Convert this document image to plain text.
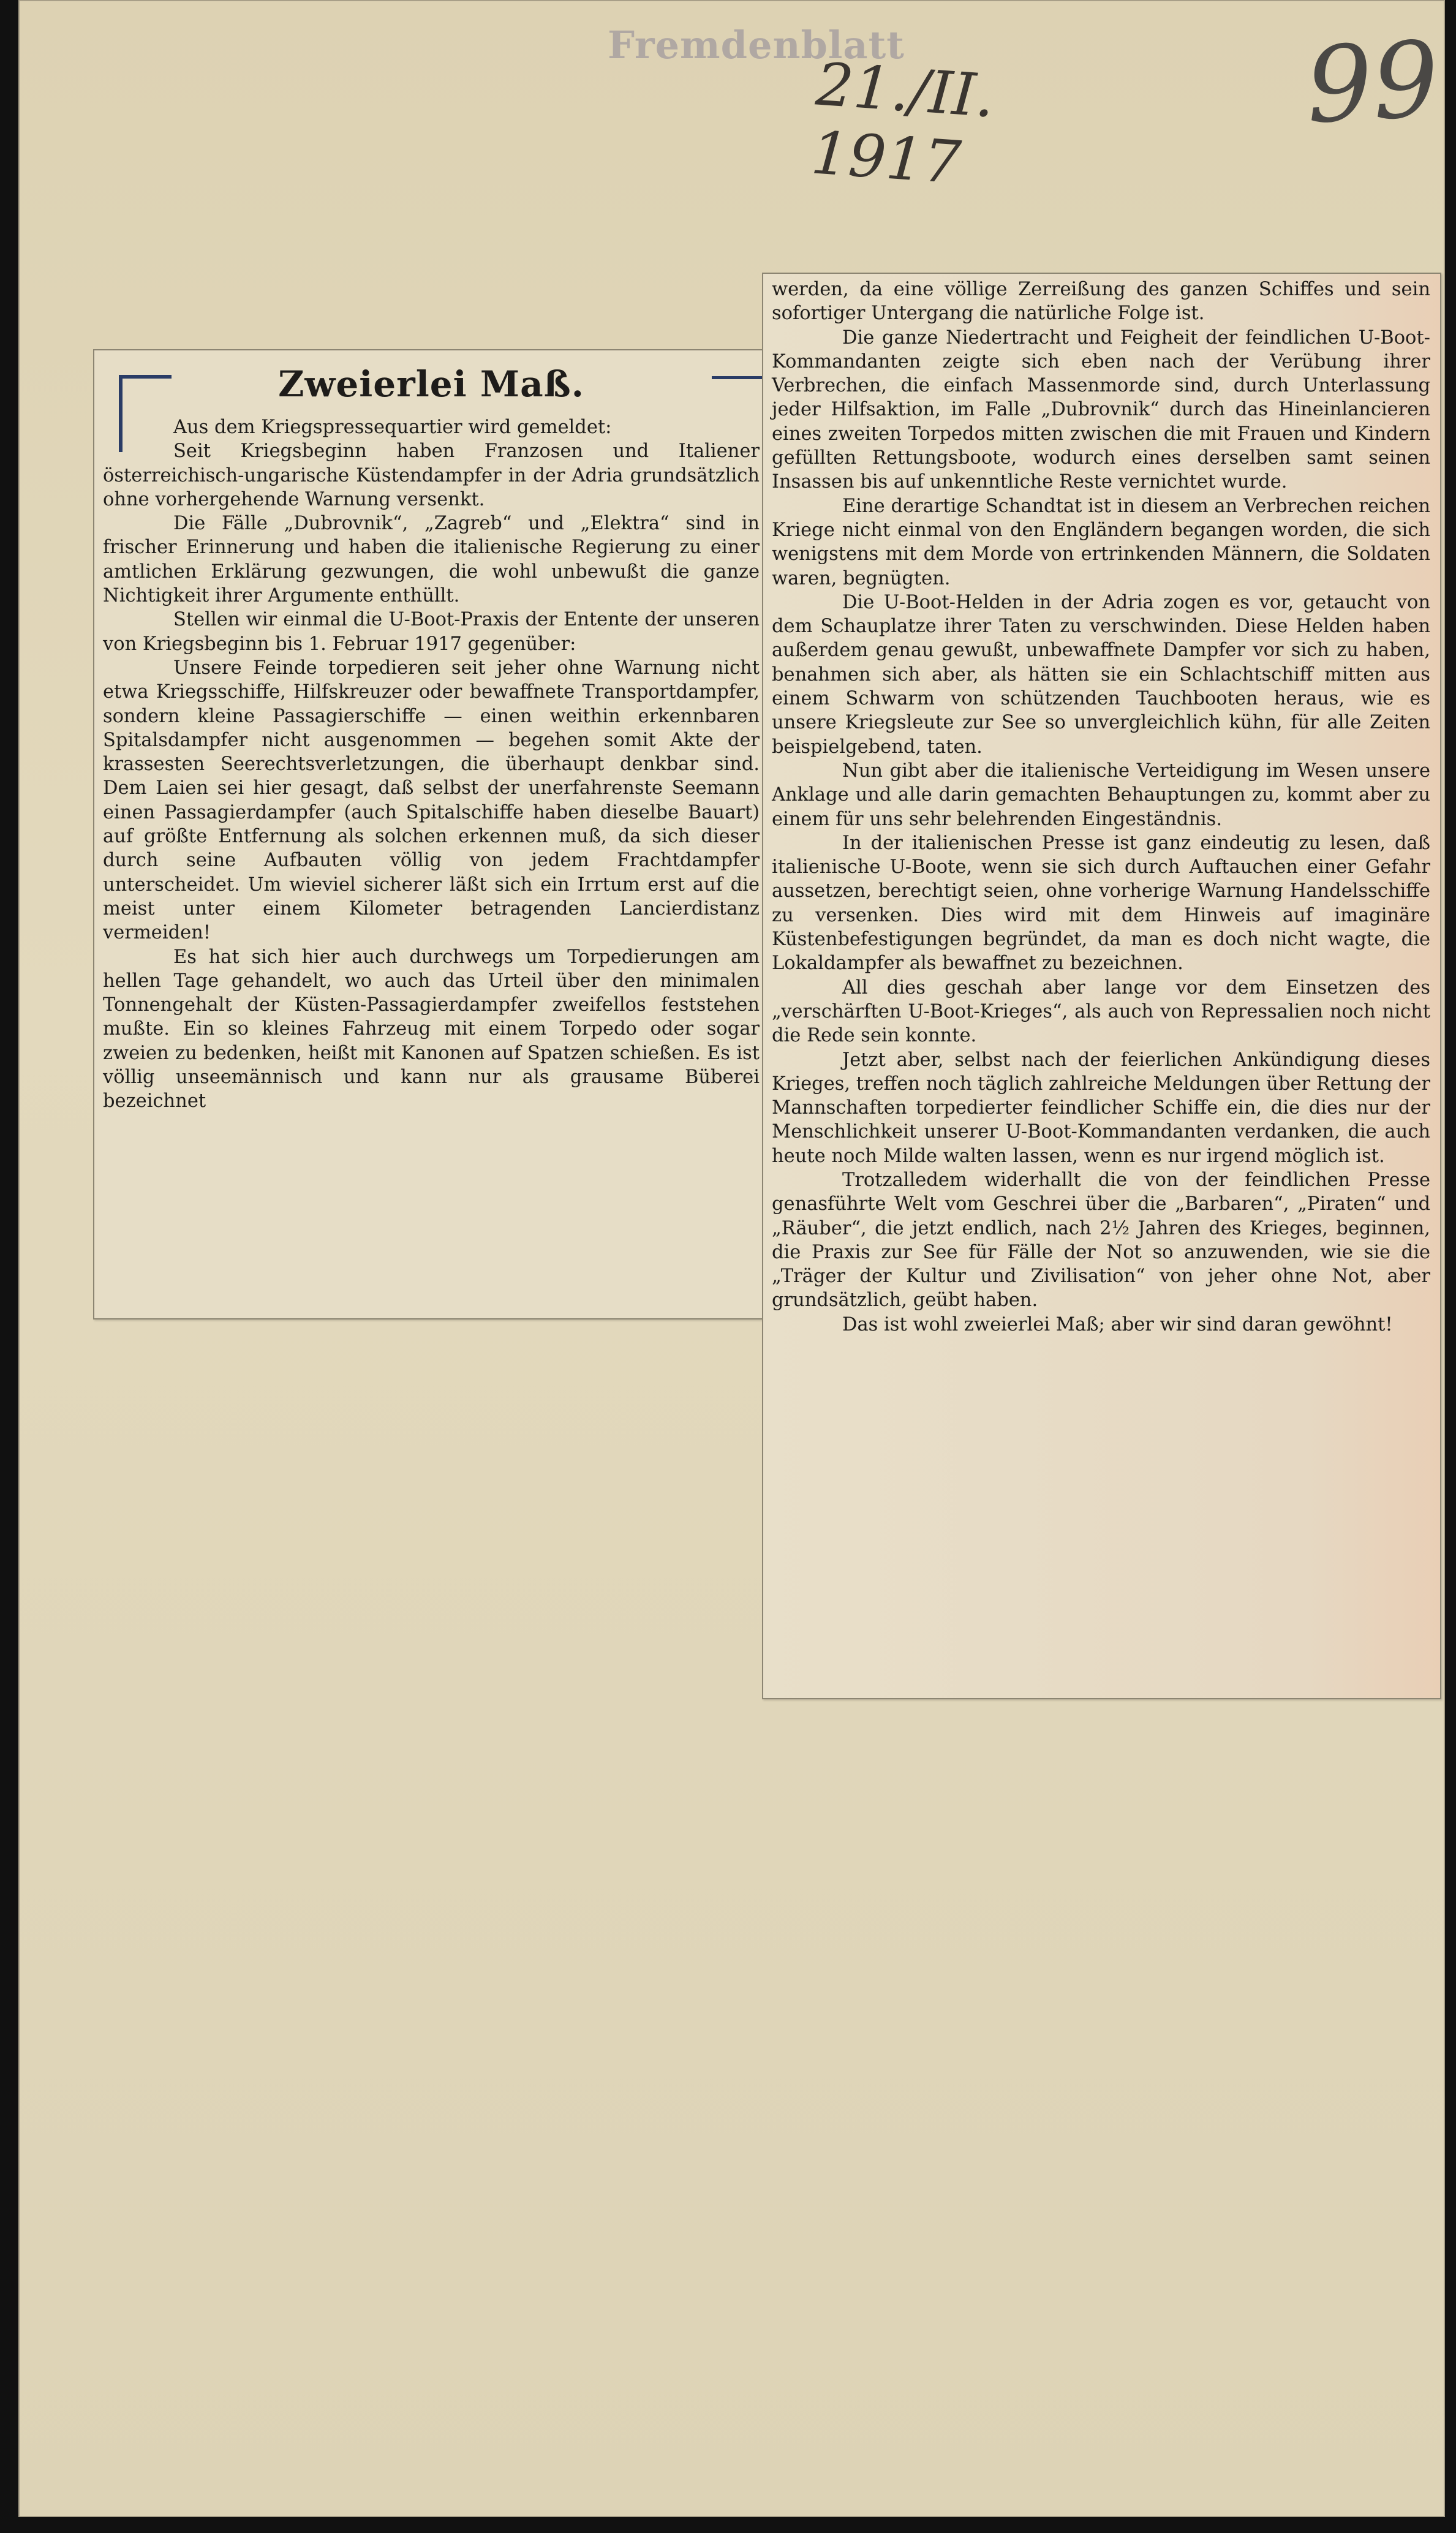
Fremdenblatt
21./II. 1917
99
Zweierlei Maß.

Aus dem Kriegspressequartier wird gemeldet:

Seit Kriegsbeginn haben Franzosen und Italiener österreichisch-ungarische Küstendampfer in der Adria grundsätzlich ohne vorhergehende Warnung versenkt.

Die Fälle „Dubrovnik“, „Zagreb“ und „Elektra“ sind in frischer Erinnerung und haben die italienische Regierung zu einer amtlichen Erklärung gezwungen, die wohl unbewußt die ganze Nichtigkeit ihrer Argumente enthüllt.

Stellen wir einmal die U-Boot-Praxis der Entente der unseren von Kriegsbeginn bis 1. Februar 1917 gegenüber:

Unsere Feinde torpedieren seit jeher ohne Warnung nicht etwa Kriegsschiffe, Hilfskreuzer oder bewaffnete Transportdampfer, sondern kleine Passagierschiffe — einen weithin erkennbaren Spitalsdampfer nicht ausgenommen — begehen somit Akte der krassesten Seerechtsverletzungen, die überhaupt denkbar sind. Dem Laien sei hier gesagt, daß selbst der unerfahrenste Seemann einen Passagierdampfer (auch Spitalschiffe haben dieselbe Bauart) auf größte Entfernung als solchen erkennen muß, da sich dieser durch seine Aufbauten völlig von jedem Frachtdampfer unterscheidet. Um wieviel sicherer läßt sich ein Irrtum erst auf die meist unter einem Kilometer betragenden Lancierdistanz vermeiden!

Es hat sich hier auch durchwegs um Torpedierungen am hellen Tage gehandelt, wo auch das Urteil über den minimalen Tonnengehalt der Küsten-Passagierdampfer zweifellos feststehen mußte. Ein so kleines Fahrzeug mit einem Torpedo oder sogar zweien zu bedenken, heißt mit Kanonen auf Spatzen schießen. Es ist völlig unseemännisch und kann nur als grausame Büberei bezeichnet

werden, da eine völlige Zerreißung des ganzen Schiffes und sein sofortiger Untergang die natürliche Folge ist.

Die ganze Niedertracht und Feigheit der feindlichen U-Boot-Kommandanten zeigte sich eben nach der Verübung ihrer Verbrechen, die einfach Massenmorde sind, durch Unterlassung jeder Hilfsaktion, im Falle „Dubrovnik“ durch das Hineinlancieren eines zweiten Torpedos mitten zwischen die mit Frauen und Kindern gefüllten Rettungsboote, wodurch eines derselben samt seinen Insassen bis auf unkenntliche Reste vernichtet wurde.

Eine derartige Schandtat ist in diesem an Verbrechen reichen Kriege nicht einmal von den Engländern begangen worden, die sich wenigstens mit dem Morde von ertrinkenden Männern, die Soldaten waren, begnügten.

Die U-Boot-Helden in der Adria zogen es vor, getaucht von dem Schauplatze ihrer Taten zu verschwinden. Diese Helden haben außerdem genau gewußt, unbewaffnete Dampfer vor sich zu haben, benahmen sich aber, als hätten sie ein Schlachtschiff mitten aus einem Schwarm von schützenden Tauchbooten heraus, wie es unsere Kriegsleute zur See so unvergleichlich kühn, für alle Zeiten beispielgebend, taten.

Nun gibt aber die italienische Verteidigung im Wesen unsere Anklage und alle darin gemachten Behauptungen zu, kommt aber zu einem für uns sehr belehrenden Eingeständnis.

In der italienischen Presse ist ganz eindeutig zu lesen, daß italienische U-Boote, wenn sie sich durch Auftauchen einer Gefahr aussetzen, berechtigt seien, ohne vorherige Warnung Handelsschiffe zu versenken. Dies wird mit dem Hinweis auf imaginäre Küstenbefestigungen begründet, da man es doch nicht wagte, die Lokaldampfer als bewaffnet zu bezeichnen.

All dies geschah aber lange vor dem Einsetzen des „verschärften U-Boot-Krieges“, als auch von Repressalien noch nicht die Rede sein konnte.

Jetzt aber, selbst nach der feierlichen Ankündigung dieses Krieges, treffen noch täglich zahlreiche Meldungen über Rettung der Mannschaften torpedierter feindlicher Schiffe ein, die dies nur der Menschlichkeit unserer U-Boot-Kommandanten verdanken, die auch heute noch Milde walten lassen, wenn es nur irgend möglich ist.

Trotzalledem widerhallt die von der feindlichen Presse genasführte Welt vom Geschrei über die „Barbaren“, „Piraten“ und „Räuber“, die jetzt endlich, nach 2½ Jahren des Krieges, beginnen, die Praxis zur See für Fälle der Not so anzuwenden, wie sie die „Träger der Kultur und Zivilisation“ von jeher ohne Not, aber grundsätzlich, geübt haben.

Das ist wohl zweierlei Maß; aber wir sind daran gewöhnt!
